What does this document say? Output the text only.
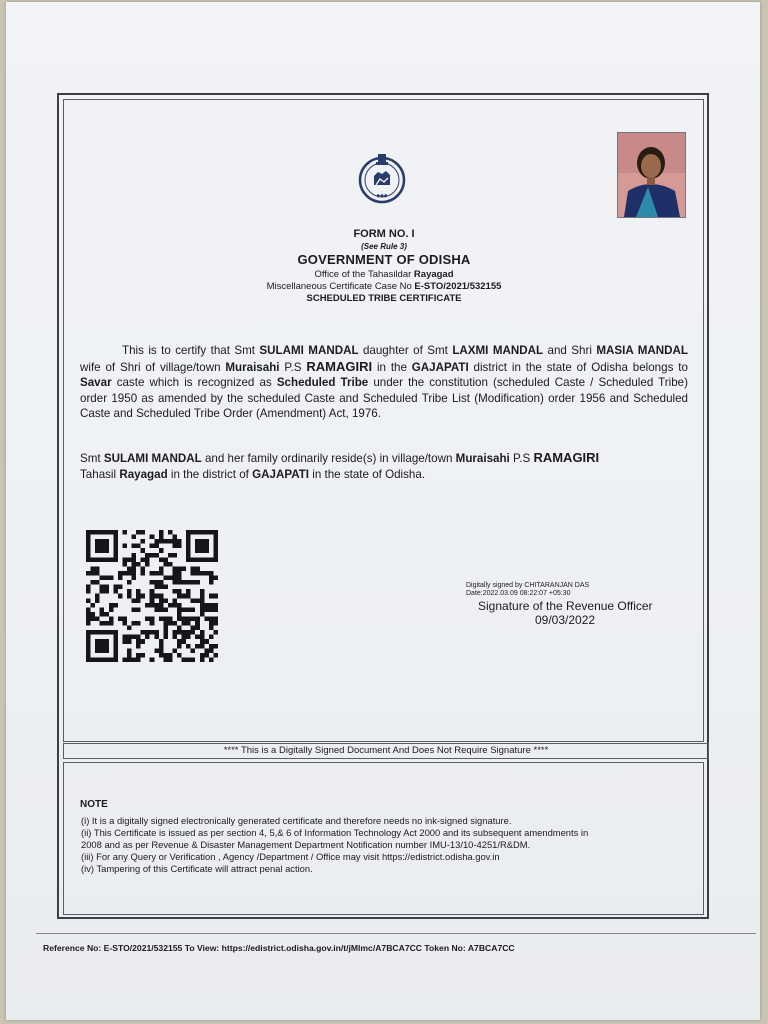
◆◆◆
FORM NO. I
(See Rule 3)
GOVERNMENT OF ODISHA
Office of the Tahasildar Rayagad
Miscellaneous Certificate Case No E-STO/2021/532155
SCHEDULED TRIBE CERTIFICATE
This is to certify that Smt SULAMI MANDAL daughter of Smt LAXMI MANDAL and Shri MASIA MANDAL wife of Shri of village/town Muraisahi P.S RAMAGIRI in the GAJAPATI district in the state of Odisha belongs to Savar caste which is recognized as Scheduled Tribe under the constitution (scheduled Caste / Scheduled Tribe) order 1950 as amended by the scheduled Caste and Scheduled Tribe List (Modification) order 1956 and Scheduled Caste and Scheduled Tribe Order (Amendment) Act, 1976.
Smt SULAMI MANDAL and her family ordinarily reside(s) in village/town Muraisahi P.S RAMAGIRI
Tahasil Rayagad in the district of GAJAPATI in the state of Odisha.
Digitally signed by CHITARANJAN DAS
Date:2022.03.09 08:22:07 +05:30
Signature of the Revenue Officer
09/03/2022
**** This is a Digitally Signed Document And Does Not Require Signature ****
NOTE
(i) It is a digitally signed electronically generated certificate and therefore needs no ink-signed signature.
(ii) This Certificate is issued as per section 4, 5,& 6 of Information Technology Act 2000 and its subsequent amendments in
2008 and as per Revenue & Disaster Management Department Notification number IMU-13/10-4251/R&DM.
(iii) For any Query or Verification , Agency /Department / Office may visit https://edistrict.odisha.gov.in
(iv) Tampering of this Certificate will attract penal action.
Reference No: E-STO/2021/532155 To View: https://edistrict.odisha.gov.in/t/jMlmc/A7BCA7CC Token No: A7BCA7CC
